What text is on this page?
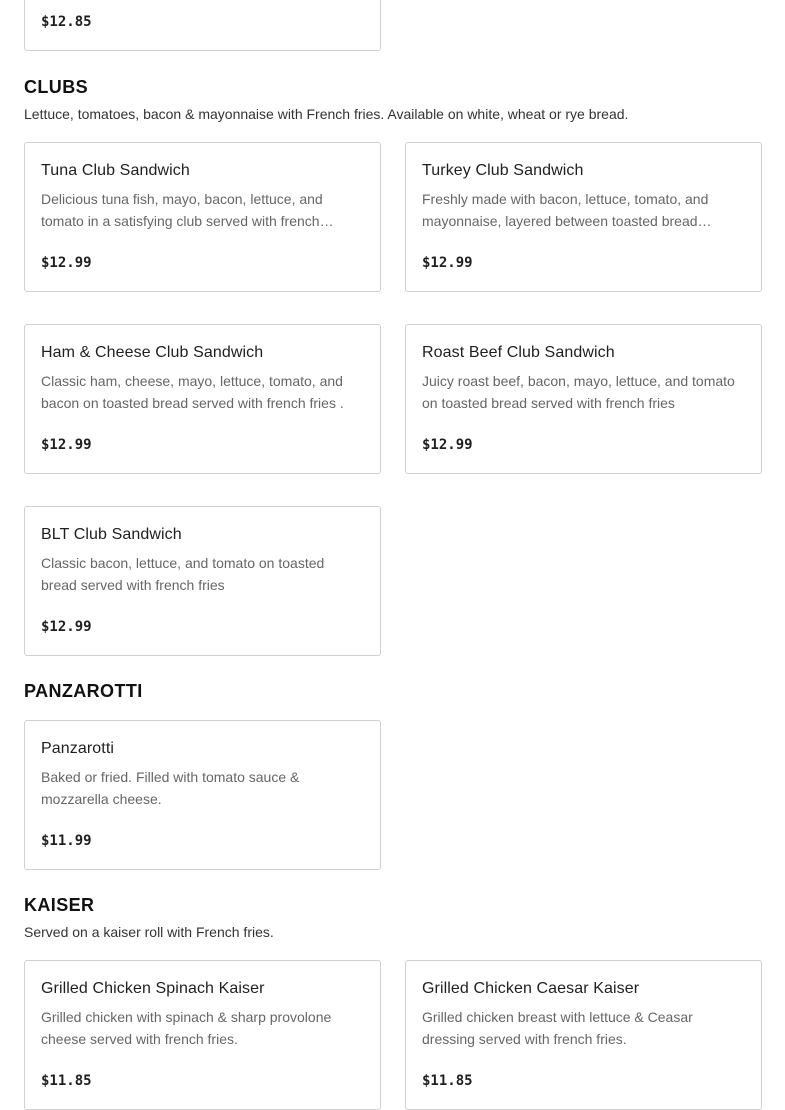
$12.85
CLUBS

Lettuce, tomatoes, bacon & mayonnaise with French fries. Available on white, wheat or rye bread.

Tuna Club Sandwich
Delicious tuna fish, mayo, bacon, lettuce, and tomato in a satisfying club served with french…
$12.99
Turkey Club Sandwich
Freshly made with bacon, lettuce, tomato, and mayonnaise, layered between toasted bread…
$12.99
Ham & Cheese Club Sandwich
Classic ham, cheese, mayo, lettuce, tomato, and bacon on toasted bread served with french fries .
$12.99
Roast Beef Club Sandwich
Juicy roast beef, bacon, mayo, lettuce, and tomato on toasted bread served with french fries
$12.99
BLT Club Sandwich
Classic bacon, lettuce, and tomato on toasted bread served with french fries
$12.99
PANZAROTTI
Panzarotti
Baked or fried. Filled with tomato sauce & mozzarella cheese.
$11.99
KAISER

Served on a kaiser roll with French fries.

Grilled Chicken Spinach Kaiser
Grilled chicken with spinach & sharp provolone cheese served with french fries.
$11.85
Grilled Chicken Caesar Kaiser
Grilled chicken breast with lettuce & Ceasar dressing served with french fries.
$11.85
